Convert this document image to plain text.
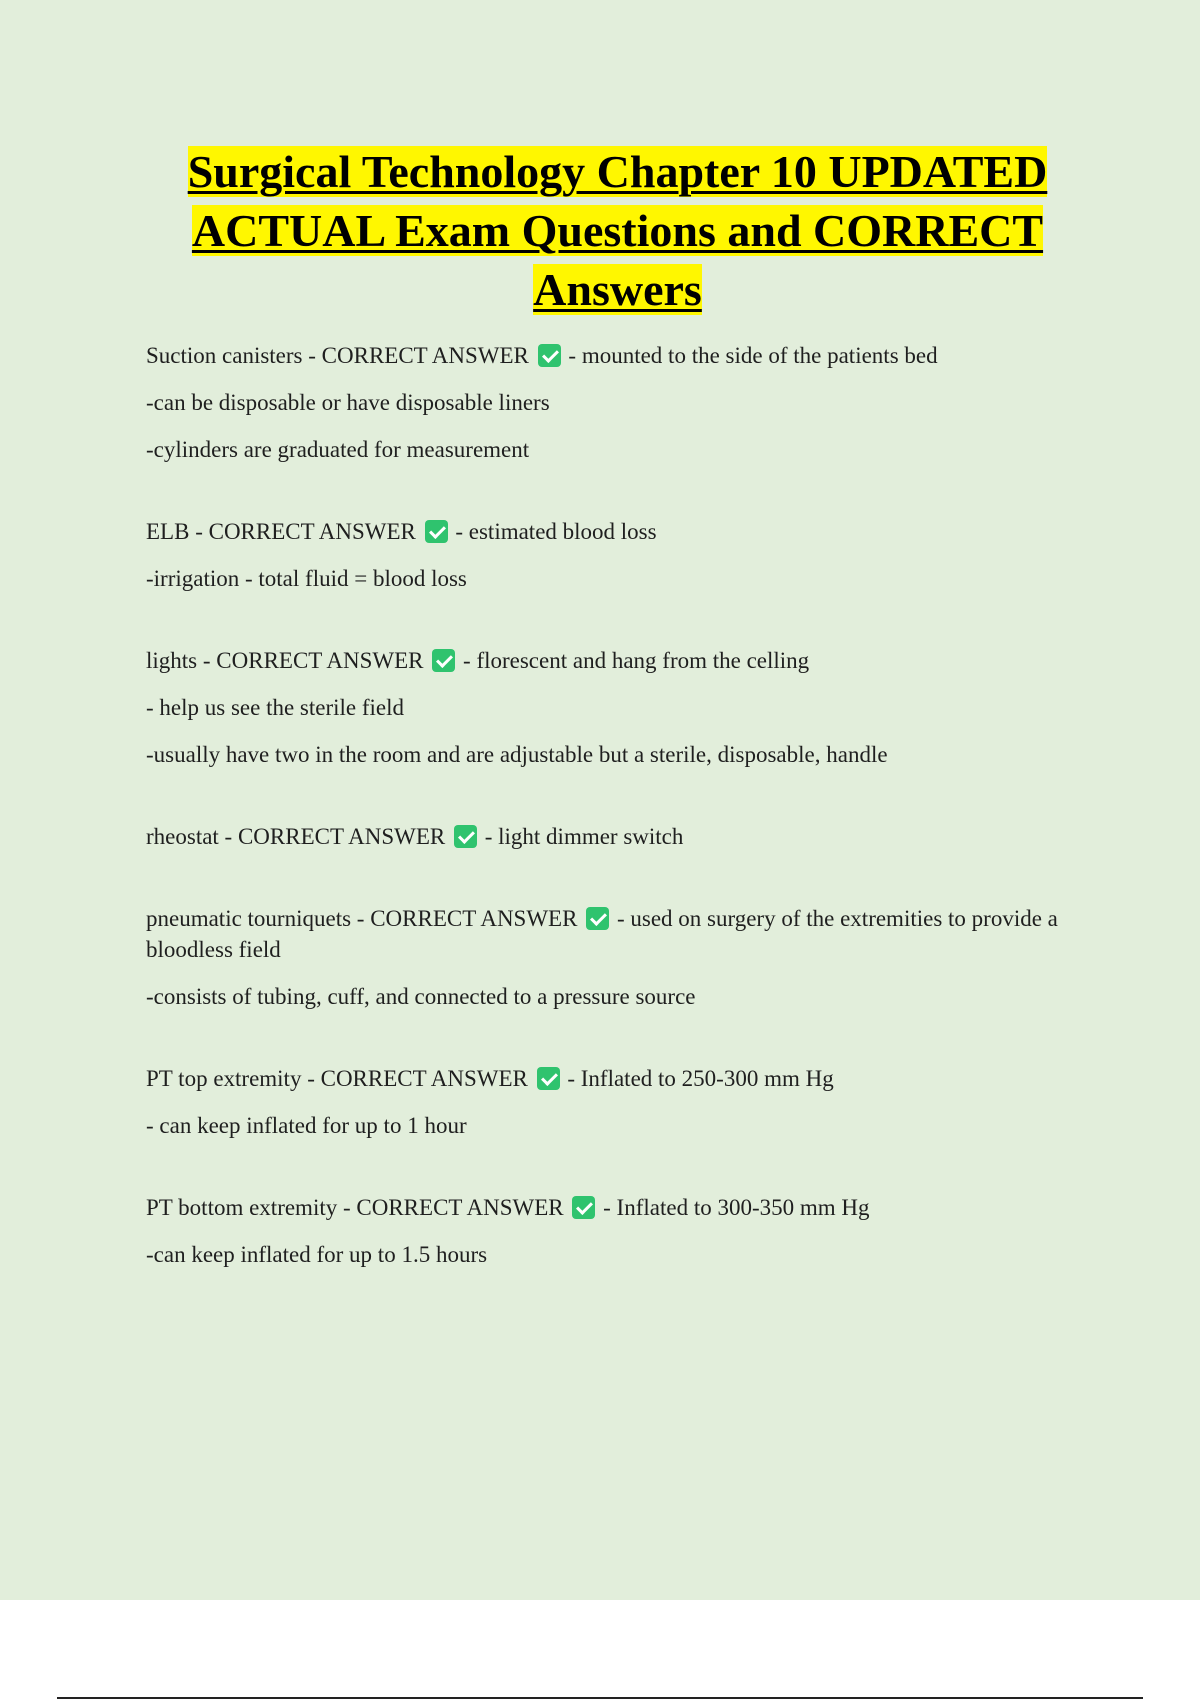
Surgical Technology Chapter 10 UPDATED ACTUAL Exam Questions and CORRECT Answers
Suction canisters - CORRECT ANSWER - mounted to the side of the patients bed
-can be disposable or have disposable liners
-cylinders are graduated for measurement
ELB - CORRECT ANSWER - estimated blood loss
-irrigation - total fluid = blood loss
lights - CORRECT ANSWER - florescent and hang from the celling
- help us see the sterile field
-usually have two in the room and are adjustable but a sterile, disposable, handle
rheostat - CORRECT ANSWER - light dimmer switch
pneumatic tourniquets - CORRECT ANSWER - used on surgery of the extremities to provide a bloodless field
-consists of tubing, cuff, and connected to a pressure source
PT top extremity - CORRECT ANSWER - Inflated to 250-300 mm Hg
- can keep inflated for up to 1 hour
PT bottom extremity - CORRECT ANSWER - Inflated to 300-350 mm Hg
-can keep inflated for up to 1.5 hours
